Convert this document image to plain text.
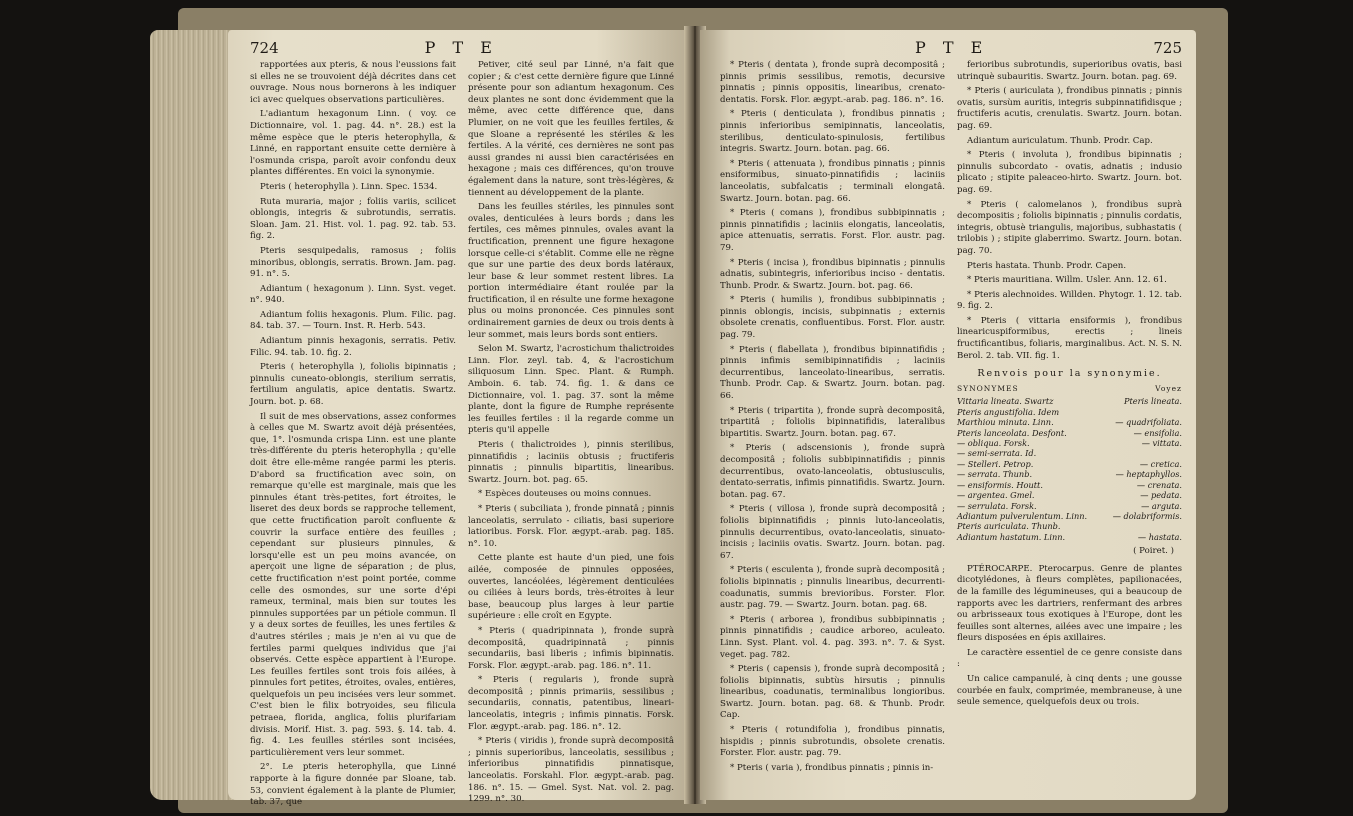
724	P T E

rapportées aux pteris, & nous l'eussions fait si elles ne se trouvoient déjà décrites dans cet ouvrage. Nous nous bornerons à les indiquer ici avec quelques observations particulières.

L'adiantum hexagonum Linn. ( voy. ce Dictionnaire, vol. 1. pag. 44. n°. 28.) est la même espèce que le pteris heterophylla, & Linné, en rapportant ensuite cette dernière à l'osmunda crispa, paroît avoir confondu deux plantes différentes. En voici la synonymie.

Pteris ( heterophylla ). Linn. Spec. 1534.

Ruta muraria, major ; foliis variis, scilicet oblongis, integris & subrotundis, serratis. Sloan. Jam. 21. Hist. vol. 1. pag. 92. tab. 53. fig. 2.

Pteris sesquipedalis, ramosus ; foliis minoribus, oblongis, serratis. Brown. Jam. pag. 91. n°. 5.

Adiantum ( hexagonum ). Linn. Syst. veget. n°. 940.

Adiantum foliis hexagonis. Plum. Filic. pag. 84. tab. 37. — Tourn. Inst. R. Herb. 543.

Adiantum pinnis hexagonis, serratis. Petiv. Filic. 94. tab. 10. fig. 2.

Pteris ( heterophylla ), foliolis bipinnatis ; pinnulis cuneato-oblongis, sterilium serratis, fertilium angulatis, apice dentatis. Swartz. Journ. bot. p. 68.

Il suit de mes observations, assez conformes à celles que M. Swartz avoit déjà présentées, que, 1°. l'osmunda crispa Linn. est une plante très-différente du pteris heterophylla ; qu'elle doit être elle-même rangée parmi les pteris. D'abord sa fructification avec soin, on remarque qu'elle est marginale, mais que les pinnules étant très-petites, fort étroites, le liseret des deux bords se rapproche tellement, que cette fructification paroît confluente & couvrir la surface entière des feuilles ; cependant sur plusieurs pinnules, & lorsqu'elle est un peu moins avancée, on aperçoit une ligne de séparation ; de plus, cette fructification n'est point portée, comme celle des osmondes, sur une sorte d'épi rameux, terminal, mais bien sur toutes les pinnules supportées par un pétiole commun. Il y a deux sortes de feuilles, les unes fertiles & d'autres stériles ; mais je n'en ai vu que de fertiles parmi quelques individus que j'ai observés. Cette espèce appartient à l'Europe. Les feuilles fertiles sont trois fois ailées, à pinnules fort petites, étroites, ovales, entières, quelquefois un peu incisées vers leur sommet. C'est bien le filix botryoides, seu filicula petraea, florida, anglica, foliis plurifariam divisis. Morif. Hist. 3. pag. 593. §. 14. tab. 4. fig. 4. Les feuilles stériles sont incisées, particulièrement vers leur sommet.

2°. Le pteris heterophylla, que Linné rapporte à la figure donnée par Sloane, tab. 53, convient également à la plante de Plumier, tab. 37, que

Petiver, cité seul par Linné, n'a fait que copier ; & c'est cette dernière figure que Linné présente pour son adiantum hexagonum. Ces deux plantes ne sont donc évidemment que la même, avec cette différence que, dans Plumier, on ne voit que les feuilles fertiles, & que Sloane a représenté les stériles & les fertiles. A la vérité, ces dernières ne sont pas aussi grandes ni aussi bien caractérisées en hexagone ; mais ces différences, qu'on trouve également dans la nature, sont très-légères, & tiennent au développement de la plante.

Dans les feuilles stériles, les pinnules sont ovales, denticulées à leurs bords ; dans les fertiles, ces mêmes pinnules, ovales avant la fructification, prennent une figure hexagone lorsque celle-ci s'établit. Comme elle ne règne que sur une partie des deux bords latéraux, leur base & leur sommet restent libres. La portion intermédiaire étant roulée par la fructification, il en résulte une forme hexagone plus ou moins prononcée. Ces pinnules sont ordinairement garnies de deux ou trois dents à leur sommet, mais leurs bords sont entiers.

Selon M. Swartz, l'acrostichum thalictroides Linn. Flor. zeyl. tab. 4, & l'acrostichum siliquosum Linn. Spec. Plant. & Rumph. Amboin. 6. tab. 74. fig. 1. & dans ce Dictionnaire, vol. 1. pag. 37. sont la même plante, dont la figure de Rumphe représente les feuilles fertiles : il la regarde comme un pteris qu'il appelle

Pteris ( thalictroides ), pinnis sterilibus, pinnatifidis ; laciniis obtusis ; fructiferis pinnatis ; pinnulis bipartitis, linearibus. Swartz. Journ. bot. pag. 65.

* Espèces douteuses ou moins connues.

* Pteris ( subciliata ), fronde pinnatâ ; pinnis lanceolatis, serrulato - ciliatis, basi superiore latioribus. Forsk. Flor. ægypt.-arab. pag. 185. n°. 10.

Cette plante est haute d'un pied, une fois ailée, composée de pinnules opposées, ouvertes, lancéolées, légèrement denticulées ou ciliées à leurs bords, très-étroites à leur base, beaucoup plus larges à leur partie supérieure : elle croît en Egypte.

* Pteris ( quadripinnata ), fronde suprà decompositâ, quadripinnatâ ; pinnis secundariis, basi liberis ; infimis bipinnatis. Forsk. Flor. ægypt.-arab. pag. 186. n°. 11.

* Pteris ( regularis ), fronde suprà decompositâ ; pinnis primariis, sessilibus ; secundariis, connatis, patentibus, lineari-lanceolatis, integris ; infimis pinnatis. Forsk. Flor. ægypt.-arab. pag. 186. n°. 12.

* Pteris ( viridis ), fronde suprà decompositâ ; pinnis superioribus, lanceolatis, sessilibus ; inferioribus pinnatifidis pinnatisque, lanceolatis. Forskahl. Flor. ægypt.-arab. pag. 186. n°. 15. — Gmel. Syst. Nat. vol. 2. pag. 1299. n°. 30.

P T E	725

* Pteris ( dentata ), fronde suprà decompositâ ; pinnis primis sessilibus, remotis, decursive pinnatis ; pinnis oppositis, linearibus, crenato-dentatis. Forsk. Flor. ægypt.-arab. pag. 186. n°. 16.

* Pteris ( denticulata ), frondibus pinnatis ; pinnis inferioribus semipinnatis, lanceolatis, sterilibus, denticulato-spinulosis, fertilibus integris. Swartz. Journ. botan. pag. 66.

* Pteris ( attenuata ), frondibus pinnatis ; pinnis ensiformibus, sinuato-pinnatifidis ; laciniis lanceolatis, subfalcatis ; terminali elongatâ. Swartz. Journ. botan. pag. 66.

* Pteris ( comans ), frondibus subbipinnatis ; pinnis pinnatifidis ; laciniis elongatis, lanceolatis, apice attenuatis, serratis. Forst. Flor. austr. pag. 79.

* Pteris ( incisa ), frondibus bipinnatis ; pinnulis adnatis, subintegris, inferioribus inciso - dentatis. Thunb. Prodr. & Swartz. Journ. bot. pag. 66.

* Pteris ( humilis ), frondibus subbipinnatis ; pinnis oblongis, incisis, subpinnatis ; externis obsolete crenatis, confluentibus. Forst. Flor. austr. pag. 79.

* Pteris ( flabellata ), frondibus bipinnatifidis ; pinnis infimis semibipinnatifidis ; laciniis decurrentibus, lanceolato-linearibus, serratis. Thunb. Prodr. Cap. & Swartz. Journ. botan. pag. 66.

* Pteris ( tripartita ), fronde suprà decompositâ, tripartitâ ; foliolis bipinnatifidis, lateralibus bipartitis. Swartz. Journ. botan. pag. 67.

* Pteris ( adscensionis ), fronde suprà decompositâ ; foliolis subbipinnatifidis ; pinnis decurrentibus, ovato-lanceolatis, obtusiusculis, dentato-serratis, infimis pinnatifidis. Swartz. Journ. botan. pag. 67.

* Pteris ( villosa ), fronde suprà decompositâ ; foliolis bipinnatifidis ; pinnis luto-lanceolatis, pinnulis decurrentibus, ovato-lanceolatis, sinuato-incisis ; laciniis ovatis. Swartz. Journ. botan. pag. 67.

* Pteris ( esculenta ), fronde suprà decompositâ ; foliolis bipinnatis ; pinnulis linearibus, decurrenti-coadunatis, summis brevioribus. Forster. Flor. austr. pag. 79. — Swartz. Journ. botan. pag. 68.

* Pteris ( arborea ), frondibus subbipinnatis ; pinnis pinnatifidis ; caudice arboreo, aculeato. Linn. Syst. Plant. vol. 4. pag. 393. n°. 7. & Syst. veget. pag. 782.

* Pteris ( capensis ), fronde suprà decompositâ ; foliolis bipinnatis, subtùs hirsutis ; pinnulis linearibus, coadunatis, terminalibus longioribus. Swartz. Journ. botan. pag. 68. & Thunb. Prodr. Cap.

* Pteris ( rotundifolia ), frondibus pinnatis, hispidis ; pinnis subrotundis, obsolete crenatis. Forster. Flor. austr. pag. 79.

* Pteris ( varia ), frondibus pinnatis ; pinnis in-

ferioribus subrotundis, superioribus ovatis, basi utrinquè subauritis. Swartz. Journ. botan. pag. 69.

* Pteris ( auriculata ), frondibus pinnatis ; pinnis ovatis, sursùm auritis, integris subpinnatifidisque ; fructiferis acutis, crenulatis. Swartz. Journ. botan. pag. 69.

Adiantum auriculatum. Thunb. Prodr. Cap.

* Pteris ( involuta ), frondibus bipinnatis ; pinnulis subcordato - ovatis, adnatis ; indusio plicato ; stipite paleaceo-hirto. Swartz. Journ. bot. pag. 69.

* Pteris ( calomelanos ), frondibus suprà decompositis ; foliolis bipinnatis ; pinnulis cordatis, integris, obtusè triangulis, majoribus, subhastatis ( trilobis ) ; stipite glaberrimo. Swartz. Journ. botan. pag. 70.

Pteris hastata. Thunb. Prodr. Capen.

* Pteris mauritiana. Willm. Usler. Ann. 12. 61.

* Pteris alechnoides. Willden. Phytogr. 1. 12. tab. 9. fig. 2.

* Pteris ( vittaria ensiformis ), frondibus linearicuspiformibus, erectis ; lineis fructificantibus, foliaris, marginalibus. Act. N. S. N. Berol. 2. tab. VII. fig. 1.

Renvois pour la synonymie.
SYNONYMES	Voyez
Vittaria lineata. Swartz	Pteris lineata.
Pteris angustifolia. Idem
Marthiou minuta. Linn.	— quadrifoliata.
Pteris lanceolata. Desfont.	— ensifolia.
— obliqua. Forsk.	— vittata.
— semi-serrata. Id.
— Stelleri. Petrop.	— cretica.
— serrata. Thunb.	— heptaphyllos.
— ensiformis. Houtt.	— crenata.
— argentea. Gmel.	— pedata.
— serrulata. Forsk.	— arguta.
Adiantum pulverulentum. Linn.	— dolabriformis.
Pteris auriculata. Thunb.
Adiantum hastatum. Linn.	— hastata.
( Poiret. )

PTÉROCARPE. Pterocarpus. Genre de plantes dicotylédones, à fleurs complètes, papilionacées, de la famille des légumineuses, qui a beaucoup de rapports avec les dartriers, renfermant des arbres ou arbrisseaux tous exotiques à l'Europe, dont les feuilles sont alternes, ailées avec une impaire ; les fleurs disposées en épis axillaires.

Le caractère essentiel de ce genre consiste dans :

Un calice campanulé, à cinq dents ; une gousse courbée en faulx, comprimée, membraneuse, à une seule semence, quelquefois deux ou trois.
